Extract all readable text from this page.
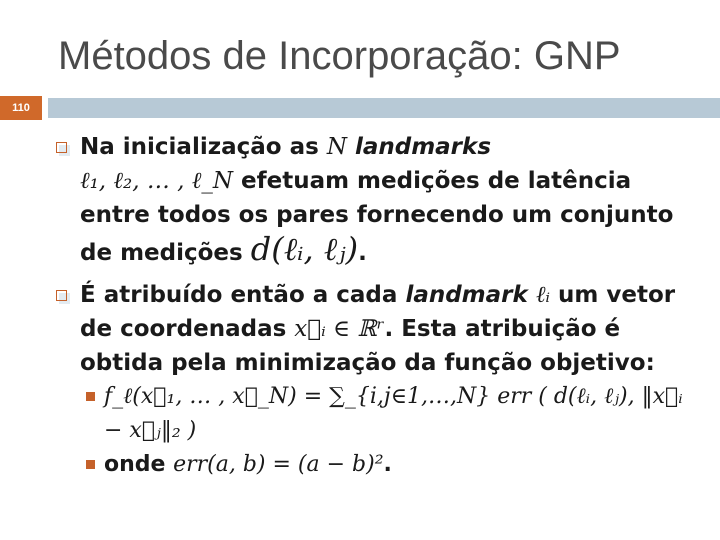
Métodos de Incorporação: GNP
110
Na inicialização as N landmarks
ℓ₁, ℓ₂, … , ℓ_N efetuam medições de latência entre todos os pares fornecendo um conjunto de medições d(ℓᵢ, ℓⱼ).
É atribuído então a cada landmark ℓᵢ um vetor de coordenadas x⃗ᵢ ∈ ℝʳ. Esta atribuição é obtida pela minimização da função objetivo:
f_ℓ(x⃗₁, … , x⃗_N) = ∑_{i,j∈1,…,N} err ( d(ℓᵢ, ℓⱼ), ‖x⃗ᵢ − x⃗ⱼ‖₂ )
onde err(a, b) = (a − b)².
